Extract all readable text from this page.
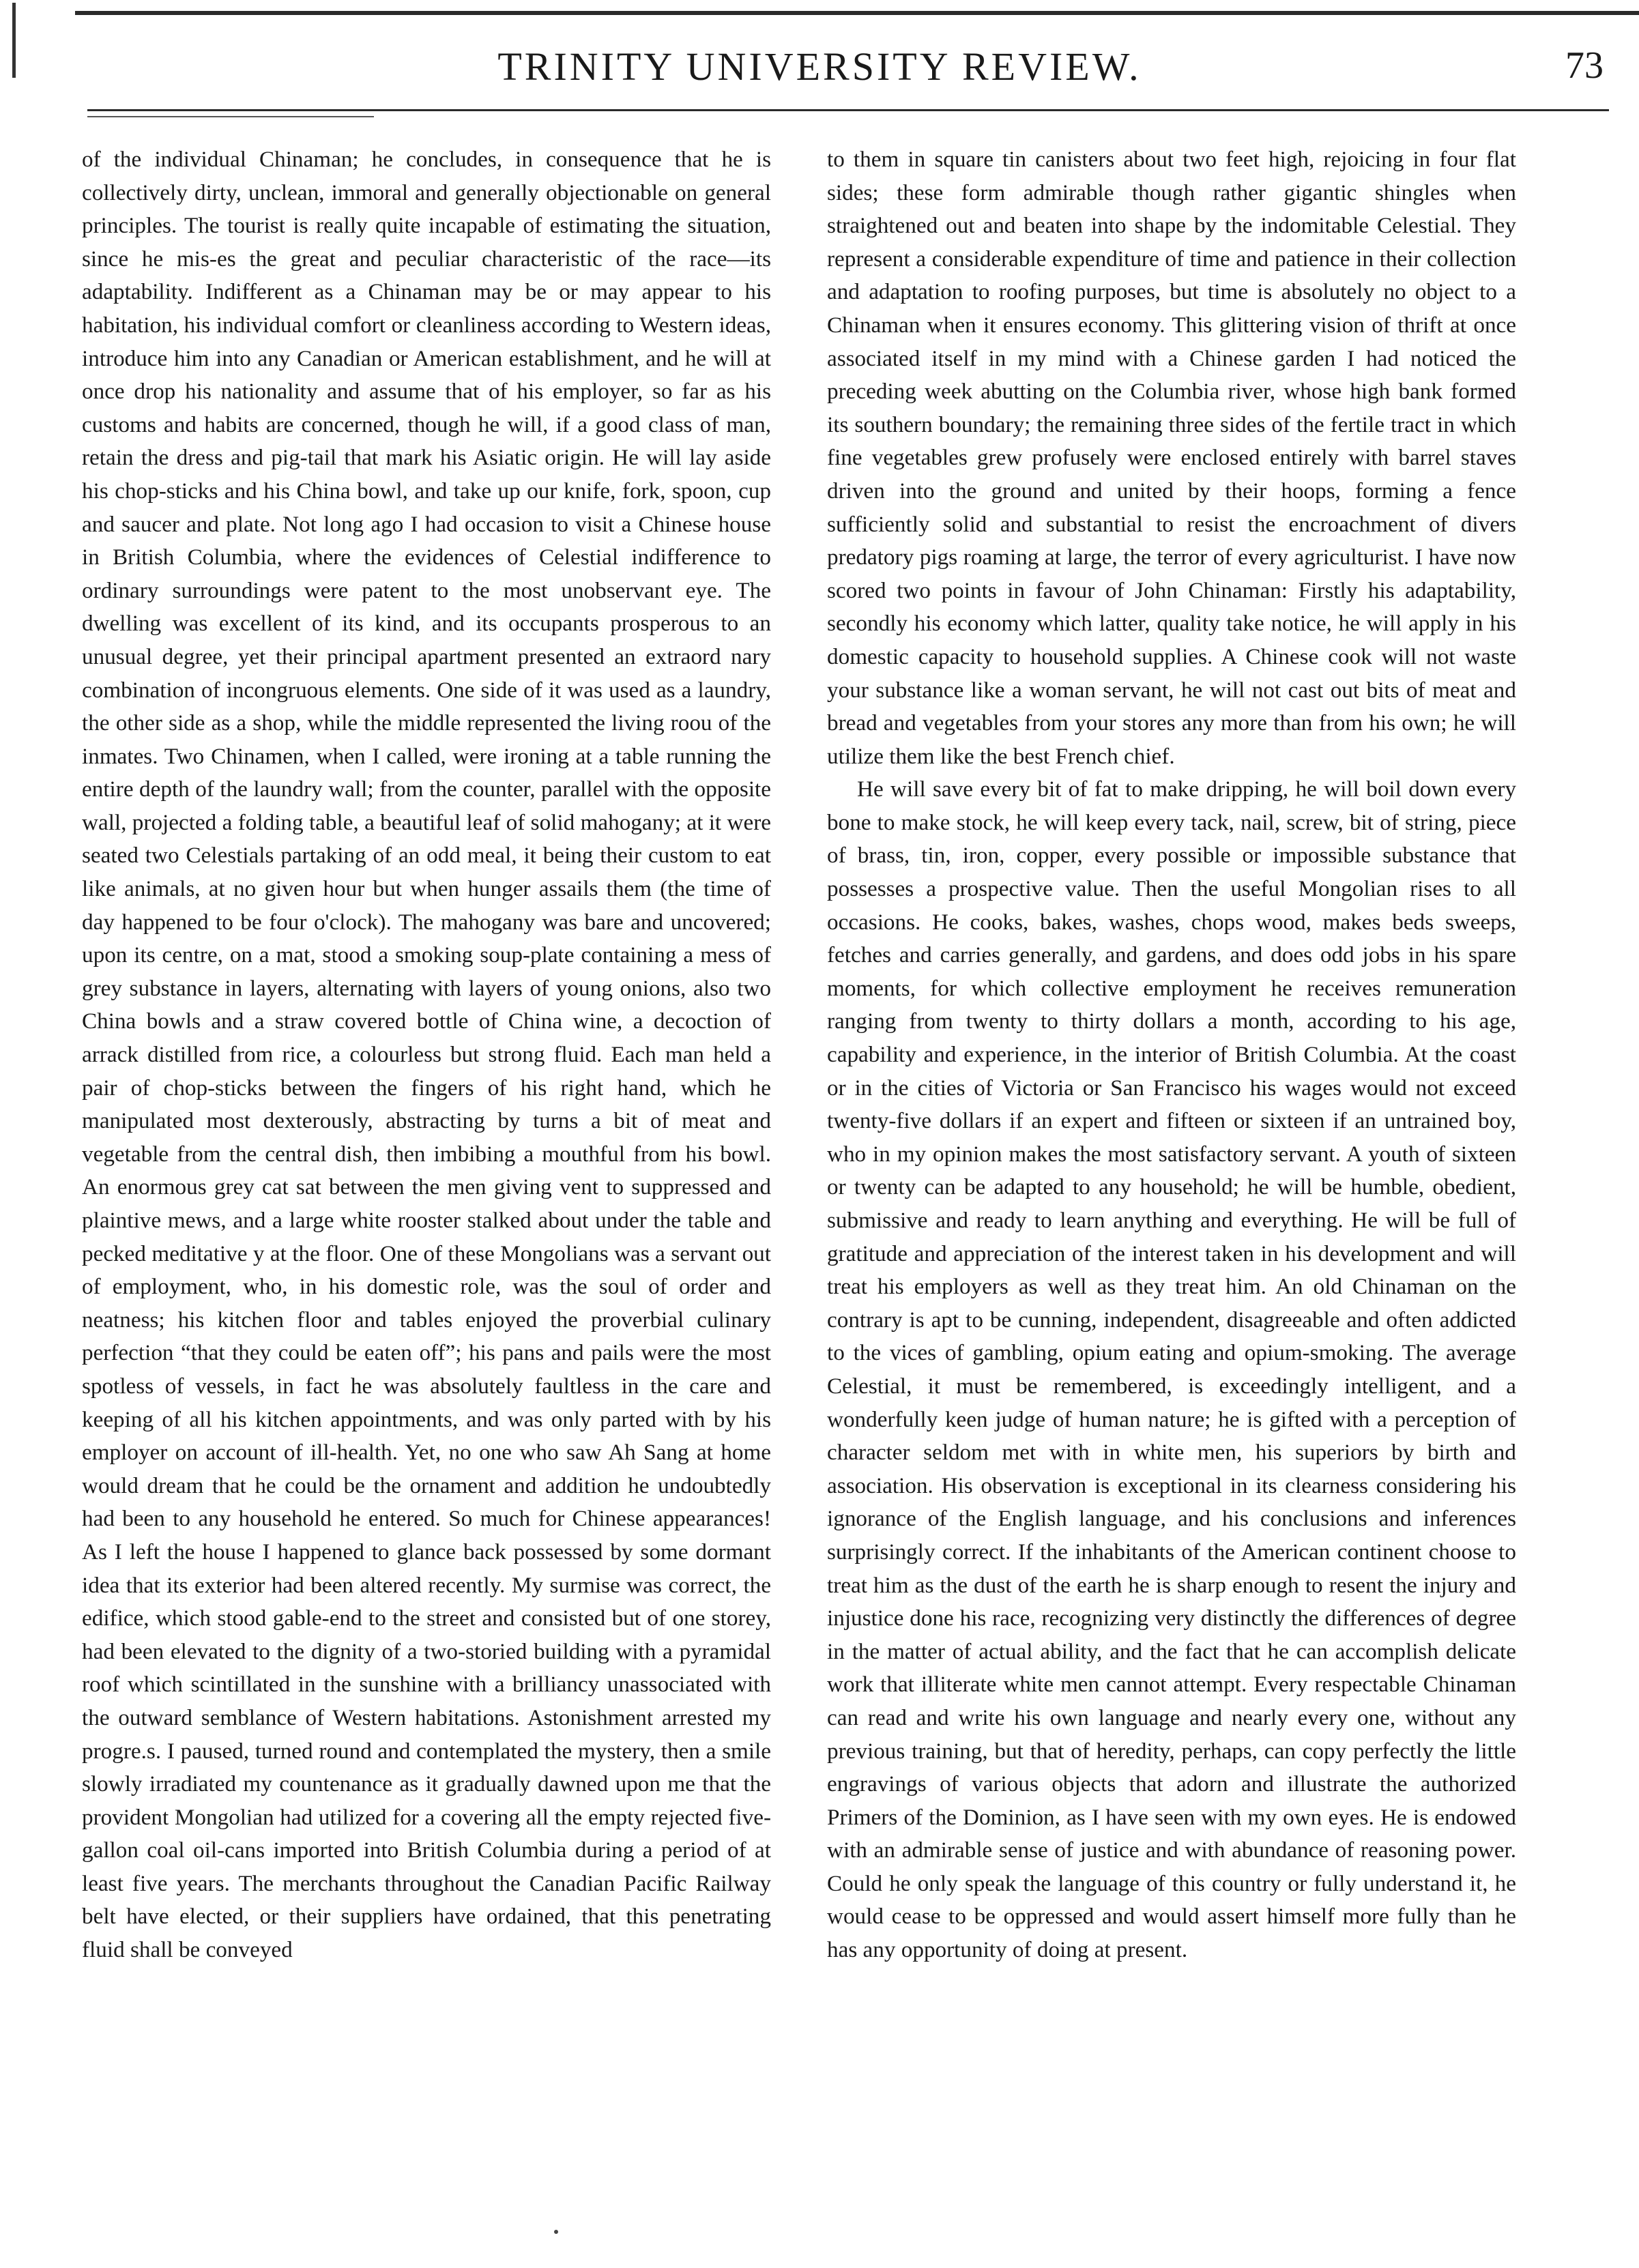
TRINITY UNIVERSITY REVIEW.	73

of the individual Chinaman; he concludes, in consequence that he is collectively dirty, unclean, immoral and generally objectionable on general principles. The tourist is really quite incapable of estimating the situation, since he mis-es the great and peculiar characteristic of the race—its adaptability. Indifferent as a Chinaman may be or may appear to his habitation, his individual comfort or cleanliness according to Western ideas, introduce him into any Canadian or American establishment, and he will at once drop his nationality and assume that of his employer, so far as his customs and habits are concerned, though he will, if a good class of man, retain the dress and pig-tail that mark his Asiatic origin. He will lay aside his chop-sticks and his China bowl, and take up our knife, fork, spoon, cup and saucer and plate. Not long ago I had occasion to visit a Chinese house in British Columbia, where the evidences of Celestial indifference to ordinary surroundings were patent to the most unobservant eye. The dwelling was excellent of its kind, and its occupants prosperous to an unusual degree, yet their principal apartment presented an extraord nary combination of incongruous elements. One side of it was used as a laundry, the other side as a shop, while the middle represented the living roou of the inmates. Two Chinamen, when I called, were ironing at a table running the entire depth of the laundry wall; from the counter, parallel with the opposite wall, projected a folding table, a beautiful leaf of solid mahogany; at it were seated two Celestials partaking of an odd meal, it being their custom to eat like animals, at no given hour but when hunger assails them (the time of day happened to be four o'clock). The mahogany was bare and uncovered; upon its centre, on a mat, stood a smoking soup-plate containing a mess of grey substance in layers, alternating with layers of young onions, also two China bowls and a straw covered bottle of China wine, a decoction of arrack distilled from rice, a colourless but strong fluid. Each man held a pair of chop-sticks between the fingers of his right hand, which he manipulated most dexterously, abstracting by turns a bit of meat and vegetable from the central dish, then imbibing a mouthful from his bowl. An enormous grey cat sat between the men giving vent to suppressed and plaintive mews, and a large white rooster stalked about under the table and pecked meditative y at the floor. One of these Mongolians was a servant out of employment, who, in his domestic role, was the soul of order and neatness; his kitchen floor and tables enjoyed the proverbial culinary perfection “that they could be eaten off”; his pans and pails were the most spotless of vessels, in fact he was absolutely faultless in the care and keeping of all his kitchen appointments, and was only parted with by his employer on account of ill-health. Yet, no one who saw Ah Sang at home would dream that he could be the ornament and addition he undoubtedly had been to any household he entered. So much for Chinese appearances! As I left the house I happened to glance back possessed by some dormant idea that its exterior had been altered recently. My surmise was correct, the edifice, which stood gable-end to the street and consisted but of one storey, had been elevated to the dignity of a two-storied building with a pyramidal roof which scintillated in the sunshine with a brilliancy unassociated with the outward semblance of Western habitations. Astonishment arrested my progre.s. I paused, turned round and contemplated the mystery, then a smile slowly irradiated my countenance as it gradually dawned upon me that the provident Mongolian had utilized for a covering all the empty rejected five-gallon coal oil-cans imported into British Columbia during a period of at least five years. The merchants throughout the Canadian Pacific Railway belt have elected, or their suppliers have ordained, that this penetrating fluid shall be conveyed

to them in square tin canisters about two feet high, rejoicing in four flat sides; these form admirable though rather gigantic shingles when straightened out and beaten into shape by the indomitable Celestial. They represent a considerable expenditure of time and patience in their collection and adaptation to roofing purposes, but time is absolutely no object to a Chinaman when it ensures economy. This glittering vision of thrift at once associated itself in my mind with a Chinese garden I had noticed the preceding week abutting on the Columbia river, whose high bank formed its southern boundary; the remaining three sides of the fertile tract in which fine vegetables grew profusely were enclosed entirely with barrel staves driven into the ground and united by their hoops, forming a fence sufficiently solid and substantial to resist the encroachment of divers predatory pigs roaming at large, the terror of every agriculturist. I have now scored two points in favour of John Chinaman: Firstly his adaptability, secondly his economy which latter, quality take notice, he will apply in his domestic capacity to household supplies. A Chinese cook will not waste your substance like a woman servant, he will not cast out bits of meat and bread and vegetables from your stores any more than from his own; he will utilize them like the best French chief.

He will save every bit of fat to make dripping, he will boil down every bone to make stock, he will keep every tack, nail, screw, bit of string, piece of brass, tin, iron, copper, every possible or impossible substance that possesses a prospective value. Then the useful Mongolian rises to all occasions. He cooks, bakes, washes, chops wood, makes beds sweeps, fetches and carries generally, and gardens, and does odd jobs in his spare moments, for which collective employment he receives remuneration ranging from twenty to thirty dollars a month, according to his age, capability and experience, in the interior of British Columbia. At the coast or in the cities of Victoria or San Francisco his wages would not exceed twenty-five dollars if an expert and fifteen or sixteen if an untrained boy, who in my opinion makes the most satisfactory servant. A youth of sixteen or twenty can be adapted to any household; he will be humble, obedient, submissive and ready to learn anything and everything. He will be full of gratitude and appreciation of the interest taken in his development and will treat his employers as well as they treat him. An old Chinaman on the contrary is apt to be cunning, independent, disagreeable and often addicted to the vices of gambling, opium eating and opium-smoking. The average Celestial, it must be remembered, is exceedingly intelligent, and a wonderfully keen judge of human nature; he is gifted with a perception of character seldom met with in white men, his superiors by birth and association. His observation is exceptional in its clearness considering his ignorance of the English language, and his conclusions and inferences surprisingly correct. If the inhabitants of the American continent choose to treat him as the dust of the earth he is sharp enough to resent the injury and injustice done his race, recognizing very distinctly the differences of degree in the matter of actual ability, and the fact that he can accomplish delicate work that illiterate white men cannot attempt. Every respectable Chinaman can read and write his own language and nearly every one, without any previous training, but that of heredity, perhaps, can copy perfectly the little engravings of various objects that adorn and illustrate the authorized Primers of the Dominion, as I have seen with my own eyes. He is endowed with an admirable sense of justice and with abundance of reasoning power. Could he only speak the language of this country or fully understand it, he would cease to be oppressed and would assert himself more fully than he has any opportunity of doing at present.
